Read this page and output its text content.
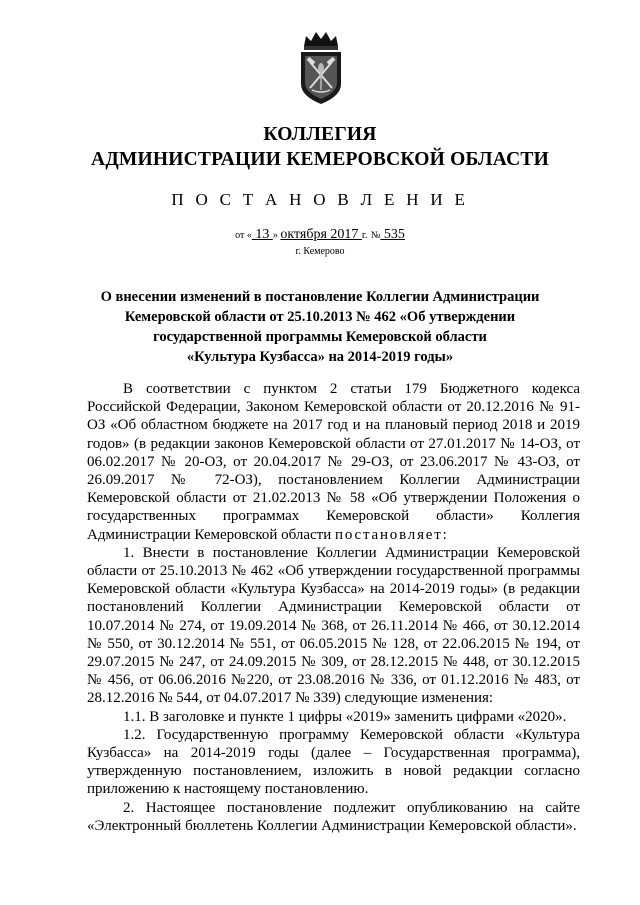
КОЛЛЕГИЯ
АДМИНИСТРАЦИИ КЕМЕРОВСКОЙ ОБЛАСТИ
П О С Т А Н О В Л Е Н И Е
от « 13 » октября 2017 г. № 535
г. Кемерово
О внесении изменений в постановление Коллегии Администрации
Кемеровской области от 25.10.2013 № 462 «Об утверждении
государственной программы Кемеровской области
«Культура Кузбасса» на 2014-2019 годы»

В соответствии с пунктом 2 статьи 179 Бюджетного кодекса Российской Федерации, Законом Кемеровской области от 20.12.2016 № 91-ОЗ «Об областном бюджете на 2017 год и на плановый период 2018 и 2019 годов» (в редакции законов Кемеровской области от 27.01.2017 № 14-ОЗ, от 06.02.2017 № 20-ОЗ, от 20.04.2017 № 29-ОЗ, от 23.06.2017 № 43-ОЗ, от 26.09.2017 № 72-ОЗ), постановлением Коллегии Администрации Кемеровской области от 21.02.2013 № 58 «Об утверждении Положения о государственных программах Кемеровской области» Коллегия Администрации Кемеровской области постановляет:

1. Внести в постановление Коллегии Администрации Кемеровской области от 25.10.2013 № 462 «Об утверждении государственной программы Кемеровской области «Культура Кузбасса» на 2014-2019 годы» (в редакции постановлений Коллегии Администрации Кемеровской области от 10.07.2014 № 274, от 19.09.2014 № 368, от 26.11.2014 № 466, от 30.12.2014 № 550, от 30.12.2014 № 551, от 06.05.2015 № 128, от 22.06.2015 № 194, от 29.07.2015 № 247, от 24.09.2015 № 309, от 28.12.2015 № 448, от 30.12.2015 № 456, от 06.06.2016 №220, от 23.08.2016 № 336, от 01.12.2016 № 483, от 28.12.2016 № 544, от 04.07.2017 № 339) следующие изменения:

1.1. В заголовке и пункте 1 цифры «2019» заменить цифрами «2020».

1.2. Государственную программу Кемеровской области «Культура Кузбасса» на 2014-2019 годы (далее – Государственная программа), утвержденную постановлением, изложить в новой редакции согласно приложению к настоящему постановлению.

2. Настоящее постановление подлежит опубликованию на сайте «Электронный бюллетень Коллегии Администрации Кемеровской области».
